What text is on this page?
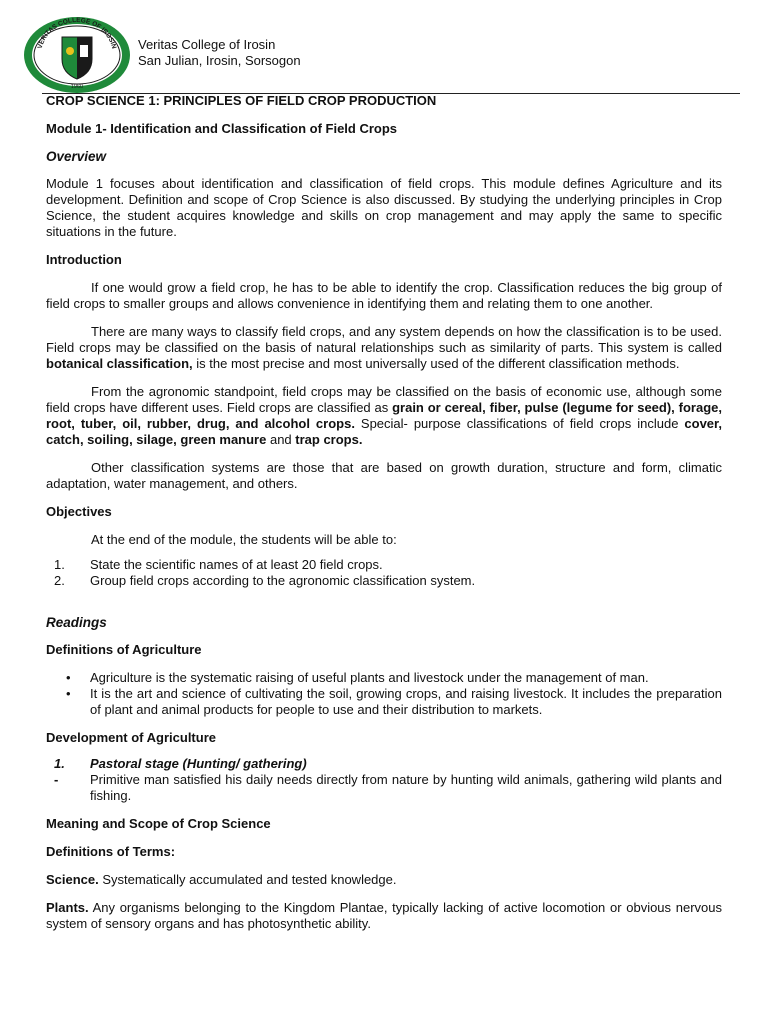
VERITAS COLLEGE OF IROSIN
1960
Veritas College of Irosin
San Julian, Irosin, Sorsogon

CROP SCIENCE 1: PRINCIPLES OF FIELD CROP PRODUCTION

Module 1- Identification and Classification of Field Crops

Overview

Module 1 focuses about identification and classification of field crops. This module defines Agriculture and its development. Definition and scope of Crop Science is also discussed. By studying the underlying principles in Crop Science, the student acquires knowledge and skills on crop management and may apply the same to specific situations in the future.

Introduction

If one would grow a field crop, he has to be able to identify the crop. Classification reduces the big group of field crops to smaller groups and allows convenience in identifying them and relating them to one another.

There are many ways to classify field crops, and any system depends on how the classification is to be used. Field crops may be classified on the basis of natural relationships such as similarity of parts. This system is called botanical classification, is the most precise and most universally used of the different classification methods.

From the agronomic standpoint, field crops may be classified on the basis of economic use, although some field crops have different uses. Field crops are classified as grain or cereal, fiber, pulse (legume for seed), forage, root, tuber, oil, rubber, drug, and alcohol crops. Special- purpose classifications of field crops include cover, catch, soiling, silage, green manure and trap crops.

Other classification systems are those that are based on growth duration, structure and form, climatic adaptation, water management, and others.

Objectives

At the end of the module, the students will be able to:

1.	State the scientific names of at least 20 field crops.
2.	Group field crops according to the agronomic classification system.

Readings

Definitions of Agriculture

•	Agriculture is the systematic raising of useful plants and livestock under the management of man.
•	It is the art and science of cultivating the soil, growing crops, and raising livestock. It includes the preparation of plant and animal products for people to use and their distribution to markets.

Development of Agriculture

1.	Pastoral stage (Hunting/ gathering)
-	Primitive man satisfied his daily needs directly from nature by hunting wild animals, gathering wild plants and fishing.

Meaning and Scope of Crop Science

Definitions of Terms:

Science. Systematically accumulated and tested knowledge.

Plants. Any organisms belonging to the Kingdom Plantae, typically lacking of active locomotion or obvious nervous system of sensory organs and has photosynthetic ability.
